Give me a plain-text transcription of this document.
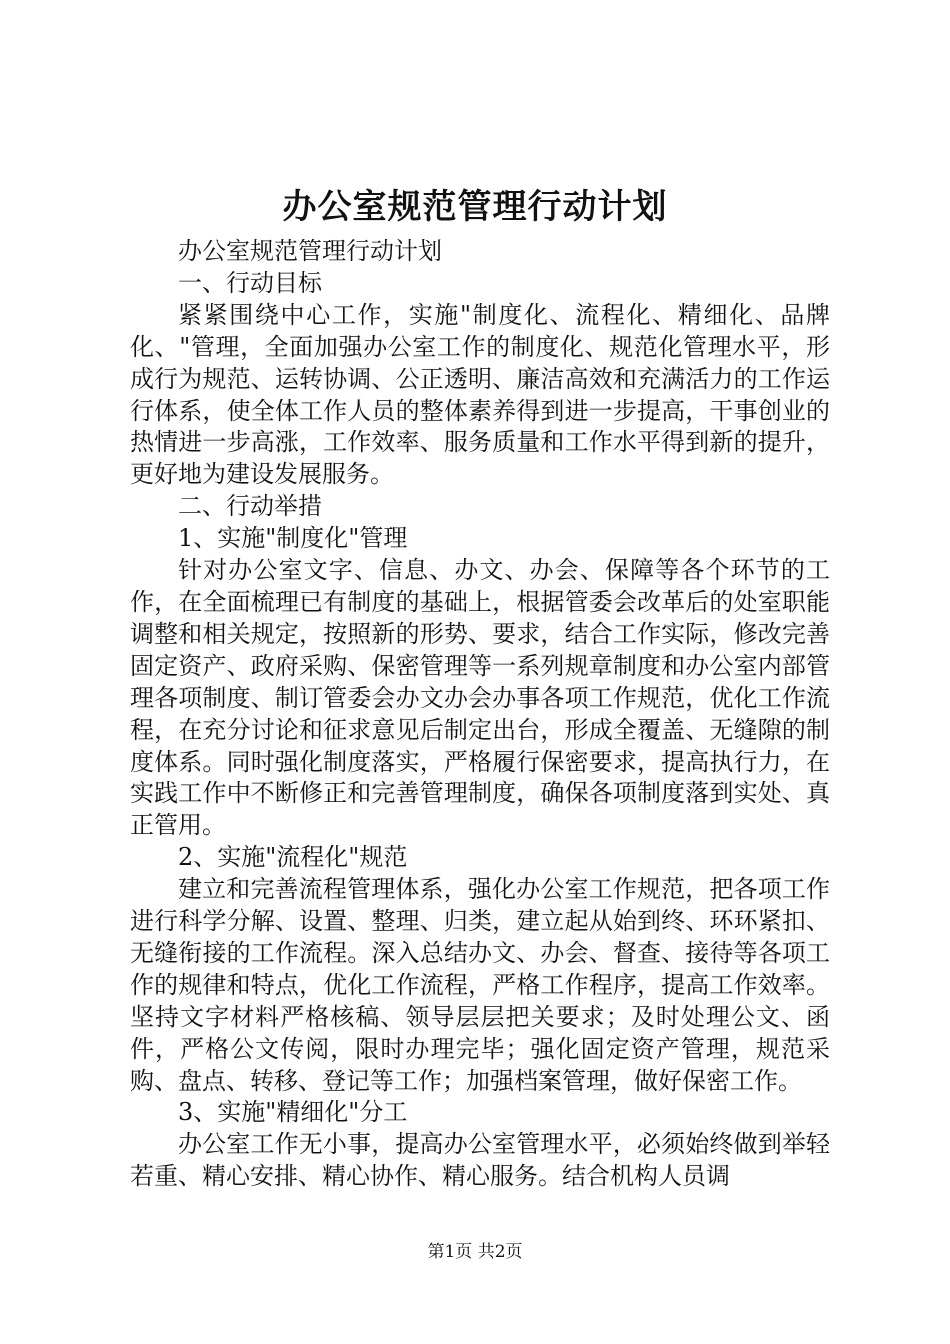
办公室规范管理行动计划

办公室规范管理行动计划

一、行动目标

紧紧围绕中心工作，实施"制度化、流程化、精细化、品牌化、"管理，全面加强办公室工作的制度化、规范化管理水平，形成行为规范、运转协调、公正透明、廉洁高效和充满活力的工作运行体系，使全体工作人员的整体素养得到进一步提高，干事创业的热情进一步高涨，工作效率、服务质量和工作水平得到新的提升，更好地为建设发展服务。

二、行动举措

1、实施"制度化"管理

针对办公室文字、信息、办文、办会、保障等各个环节的工作，在全面梳理已有制度的基础上，根据管委会改革后的处室职能调整和相关规定，按照新的形势、要求，结合工作实际，修改完善固定资产、政府采购、保密管理等一系列规章制度和办公室内部管理各项制度、制订管委会办文办会办事各项工作规范，优化工作流程，在充分讨论和征求意见后制定出台，形成全覆盖、无缝隙的制度体系。同时强化制度落实，严格履行保密要求，提高执行力，在实践工作中不断修正和完善管理制度，确保各项制度落到实处、真正管用。

2、实施"流程化"规范

建立和完善流程管理体系，强化办公室工作规范，把各项工作进行科学分解、设置、整理、归类，建立起从始到终、环环紧扣、无缝衔接的工作流程。深入总结办文、办会、督查、接待等各项工作的规律和特点，优化工作流程，严格工作程序，提高工作效率。坚持文字材料严格核稿、领导层层把关要求；及时处理公文、函件，严格公文传阅，限时办理完毕；强化固定资产管理，规范采购、盘点、转移、登记等工作；加强档案管理，做好保密工作。

3、实施"精细化"分工

办公室工作无小事，提高办公室管理水平，必须始终做到举轻若重、精心安排、精心协作、精心服务。结合机构人员调

第1页 共2页
